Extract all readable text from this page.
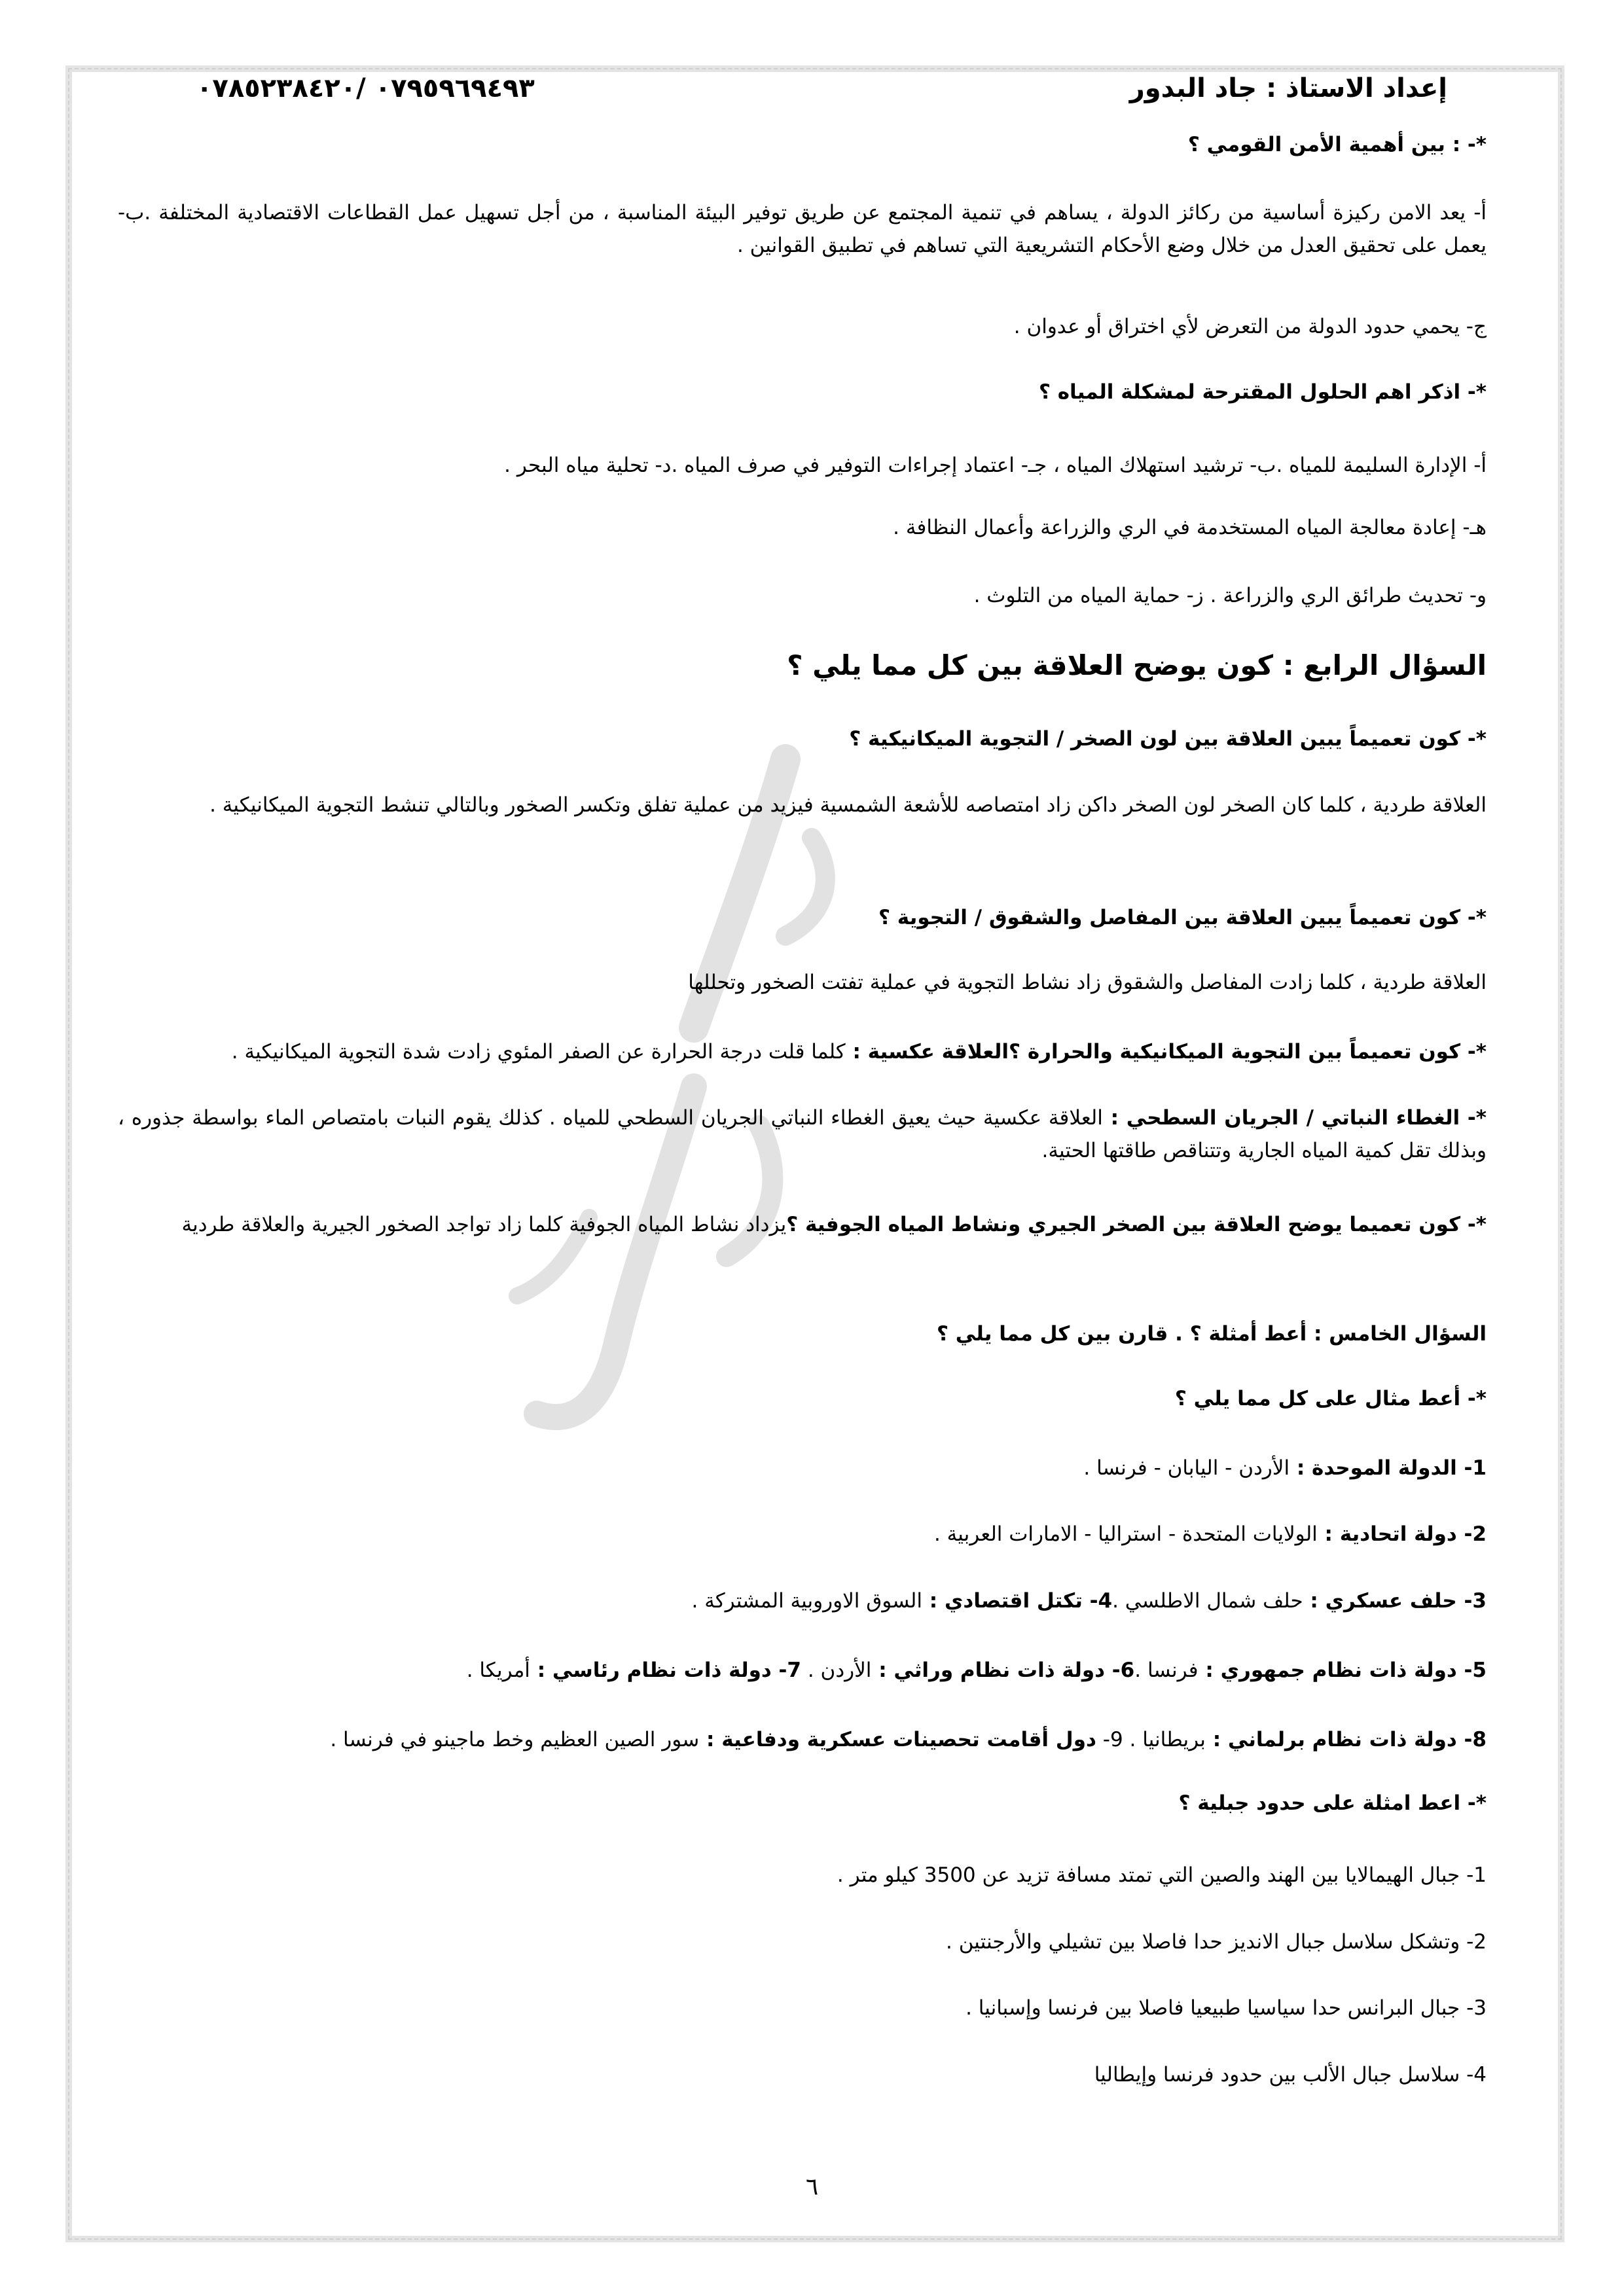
إعداد الاستاذ : جاد البدور
٠٧٩٥٩٦٩٤٩٣ /٠٧٨٥٢٣٨٤٢٠
*- : بين أهمية الأمن القومي ؟
أ- يعد الامن ركيزة أساسية من ركائز الدولة ، يساهم في تنمية المجتمع عن طريق توفير البيئة المناسبة ، من أجل تسهيل عمل القطاعات الاقتصادية المختلفة .ب- يعمل على تحقيق العدل من خلال وضع الأحكام التشريعية التي تساهم في تطبيق القوانين .
ج- يحمي حدود الدولة من التعرض لأي اختراق أو عدوان .
*- اذكر اهم الحلول المقترحة لمشكلة المياه ؟
أ- الإدارة السليمة للمياه .ب- ترشيد استهلاك المياه ، جـ- اعتماد إجراءات التوفير في صرف المياه .د- تحلية مياه البحر .
هـ- إعادة معالجة المياه المستخدمة في الري والزراعة وأعمال النظافة .
و- تحديث طرائق الري والزراعة . ز- حماية المياه من التلوث .
السؤال الرابع : كون يوضح العلاقة بين كل مما يلي ؟
*- كون تعميماً يبين العلاقة بين لون الصخر / التجوية الميكانيكية ؟
العلاقة طردية ، كلما كان الصخر لون الصخر داكن زاد امتصاصه للأشعة الشمسية فيزيد من عملية تفلق وتكسر الصخور وبالتالي تنشط التجوية الميكانيكية .
*- كون تعميماً يبين العلاقة بين المفاصل والشقوق / التجوية ؟
العلاقة طردية ، كلما زادت المفاصل والشقوق زاد نشاط التجوية في عملية تفتت الصخور وتحللها
*- كون تعميماً بين التجوية الميكانيكية والحرارة ؟العلاقة عكسية : كلما قلت درجة الحرارة عن الصفر المئوي زادت شدة التجوية الميكانيكية .
*- الغطاء النباتي / الجريان السطحي : العلاقة عكسية حيث يعيق الغطاء النباتي الجريان السطحي للمياه . كذلك يقوم النبات بامتصاص الماء بواسطة جذوره ، وبذلك تقل كمية المياه الجارية وتتناقص طاقتها الحتية.
*- كون تعميما يوضح العلاقة بين الصخر الجيري ونشاط المياه الجوفية ؟يزداد نشاط المياه الجوفية كلما زاد تواجد الصخور الجيرية والعلاقة طردية
السؤال الخامس : أعط أمثلة ؟ . قارن بين كل مما يلي ؟
*- أعط مثال على كل مما يلي ؟
1- الدولة الموحدة : الأردن - اليابان - فرنسا .
2- دولة اتحادية : الولايات المتحدة - استراليا - الامارات العربية .
3- حلف عسكري : حلف شمال الاطلسي .4- تكتل اقتصادي : السوق الاوروبية المشتركة .
5- دولة ذات نظام جمهوري : فرنسا .6- دولة ذات نظام وراثي : الأردن . 7- دولة ذات نظام رئاسي : أمريكا .
8- دولة ذات نظام برلماني : بريطانيا . 9- دول أقامت تحصينات عسكرية ودفاعية : سور الصين العظيم وخط ماجينو في فرنسا .
*- اعط امثلة على حدود جبلية ؟
1- جبال الهيمالايا بين الهند والصين التي تمتد مسافة تزيد عن 3500 كيلو متر .
2- وتشكل سلاسل جبال الانديز حدا فاصلا بين تشيلي والأرجنتين .
3- جبال البرانس حدا سياسيا طبيعيا فاصلا بين فرنسا وإسبانيا .
4- سلاسل جبال الألب بين حدود فرنسا وإيطاليا
٦
